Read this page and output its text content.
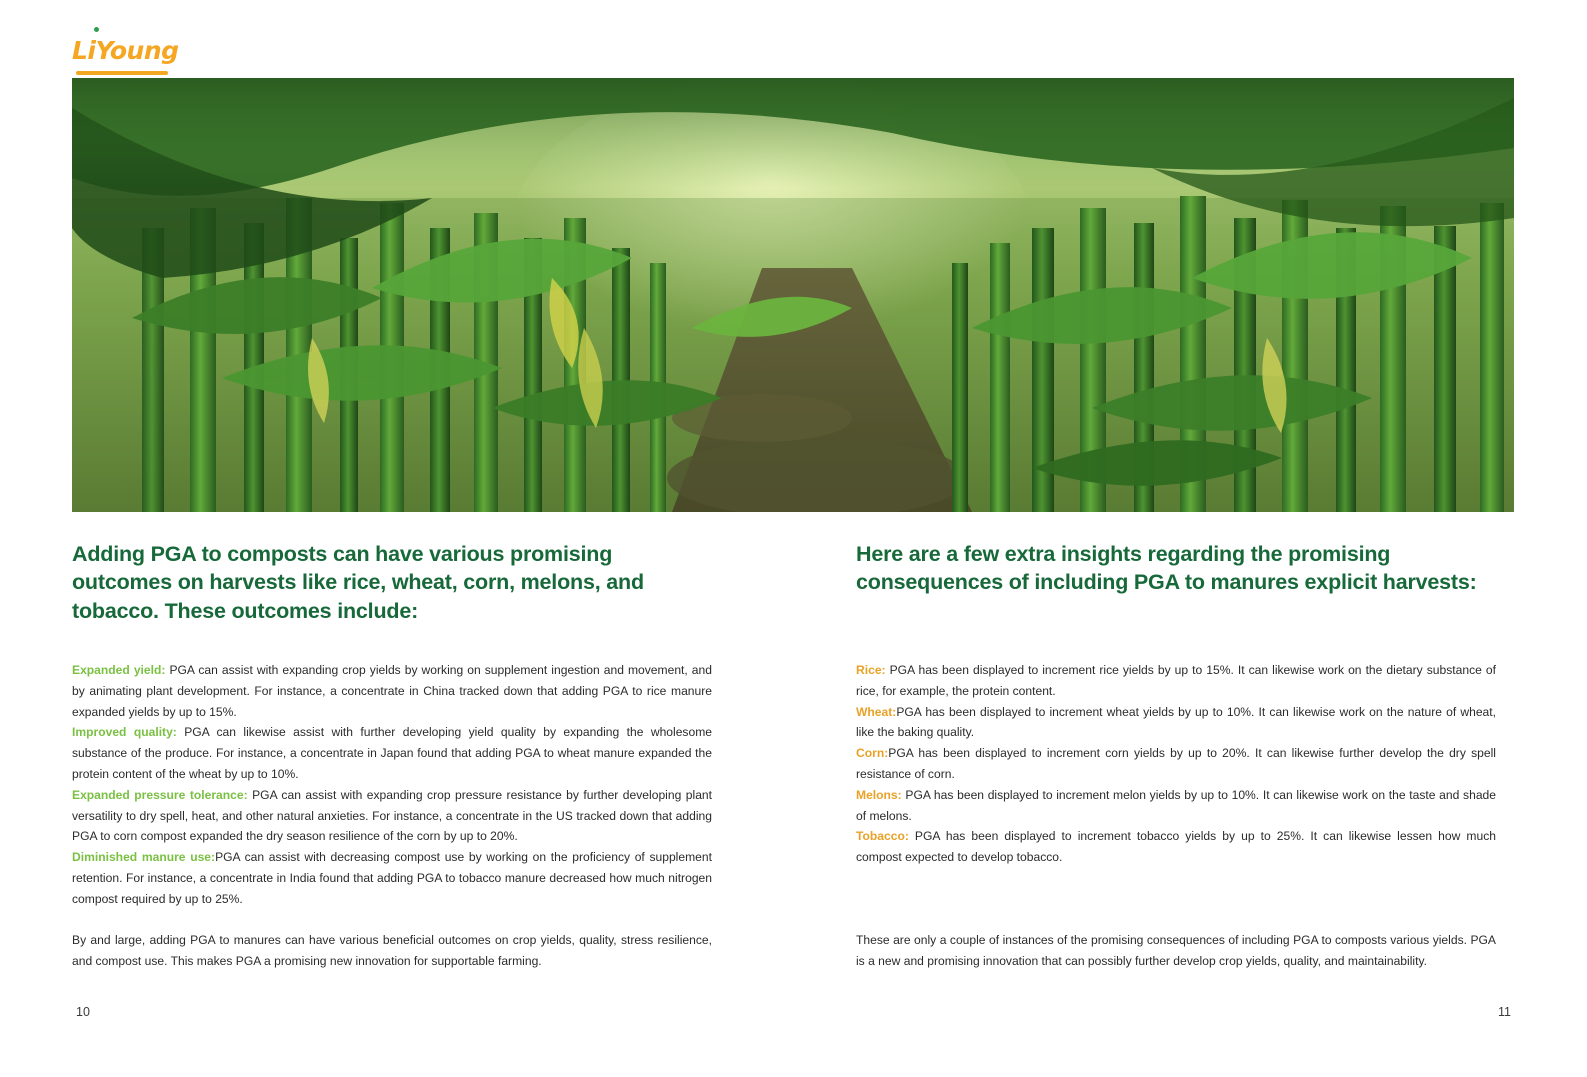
LiYoung
Adding PGA to composts can have various promising outcomes on harvests like rice, wheat, corn, melons, and tobacco. These outcomes include:

Expanded yield: PGA can assist with expanding crop yields by working on supplement ingestion and movement, and by animating plant development. For instance, a concentrate in China tracked down that adding PGA to rice manure expanded yields by up to 15%.

Improved quality: PGA can likewise assist with further developing yield quality by expanding the wholesome substance of the produce. For instance, a concentrate in Japan found that adding PGA to wheat manure expanded the protein content of the wheat by up to 10%.

Expanded pressure tolerance: PGA can assist with expanding crop pressure resistance by further developing plant versatility to dry spell, heat, and other natural anxieties. For instance, a concentrate in the US tracked down that adding PGA to corn compost expanded the dry season resilience of the corn by up to 20%.

Diminished manure use:PGA can assist with decreasing compost use by working on the proficiency of supplement retention. For instance, a concentrate in India found that adding PGA to tobacco manure decreased how much nitrogen compost required by up to 25%.

By and large, adding PGA to manures can have various beneficial outcomes on crop yields, quality, stress resilience, and compost use. This makes PGA a promising new innovation for supportable farming.
Here are a few extra insights regarding the promising consequences of including PGA to manures explicit harvests:

Rice: PGA has been displayed to increment rice yields by up to 15%. It can likewise work on the dietary substance of rice, for example, the protein content.

Wheat:PGA has been displayed to increment wheat yields by up to 10%. It can likewise work on the nature of wheat, like the baking quality.

Corn:PGA has been displayed to increment corn yields by up to 20%. It can likewise further develop the dry spell resistance of corn.

Melons: PGA has been displayed to increment melon yields by up to 10%. It can likewise work on the taste and shade of melons.

Tobacco: PGA has been displayed to increment tobacco yields by up to 25%. It can likewise lessen how much compost expected to develop tobacco.

These are only a couple of instances of the promising consequences of including PGA to composts various yields. PGA is a new and promising innovation that can possibly further develop crop yields, quality, and maintainability.
10	11
